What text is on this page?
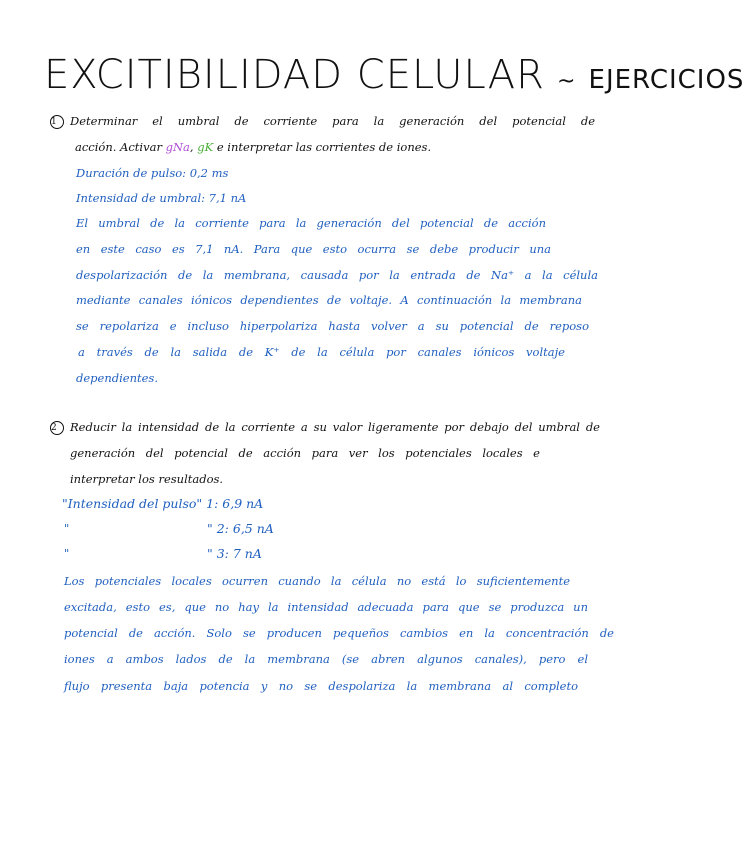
EXCITIBILIDAD CELULAR ~ EJERCICIOS
1 Determinar el umbral de corriente para la generación del potencial de
acción. Activar gNa, gK e interpretar las corrientes de iones.
Duración de pulso: 0,2 ms
Intensidad de umbral: 7,1 nA
El umbral de la corriente para la generación del potencial de acción
en este caso es 7,1 nA. Para que esto ocurra se debe producir una
despolarización de la membrana, causada por la entrada de Na⁺ a la célula
mediante canales iónicos dependientes de voltaje. A continuación la membrana
se repolariza e incluso hiperpolariza hasta volver a su potencial de reposo
a través de la salida de K⁺ de la célula por canales iónicos voltaje
dependientes.
2 Reducir la intensidad de la corriente a su valor ligeramente por debajo del umbral de
generación del potencial de acción para ver los potenciales locales e
interpretar los resultados.
"Intensidad del pulso" 1: 6,9 nA
"	" 2: 6,5 nA
"	" 3: 7 nA
Los potenciales locales ocurren cuando la célula no está lo suficientemente
excitada, esto es, que no hay la intensidad adecuada para que se produzca un
potencial de acción. Solo se producen pequeños cambios en la concentración de
iones a ambos lados de la membrana (se abren algunos canales), pero el
flujo presenta baja potencia y no se despolariza la membrana al completo
